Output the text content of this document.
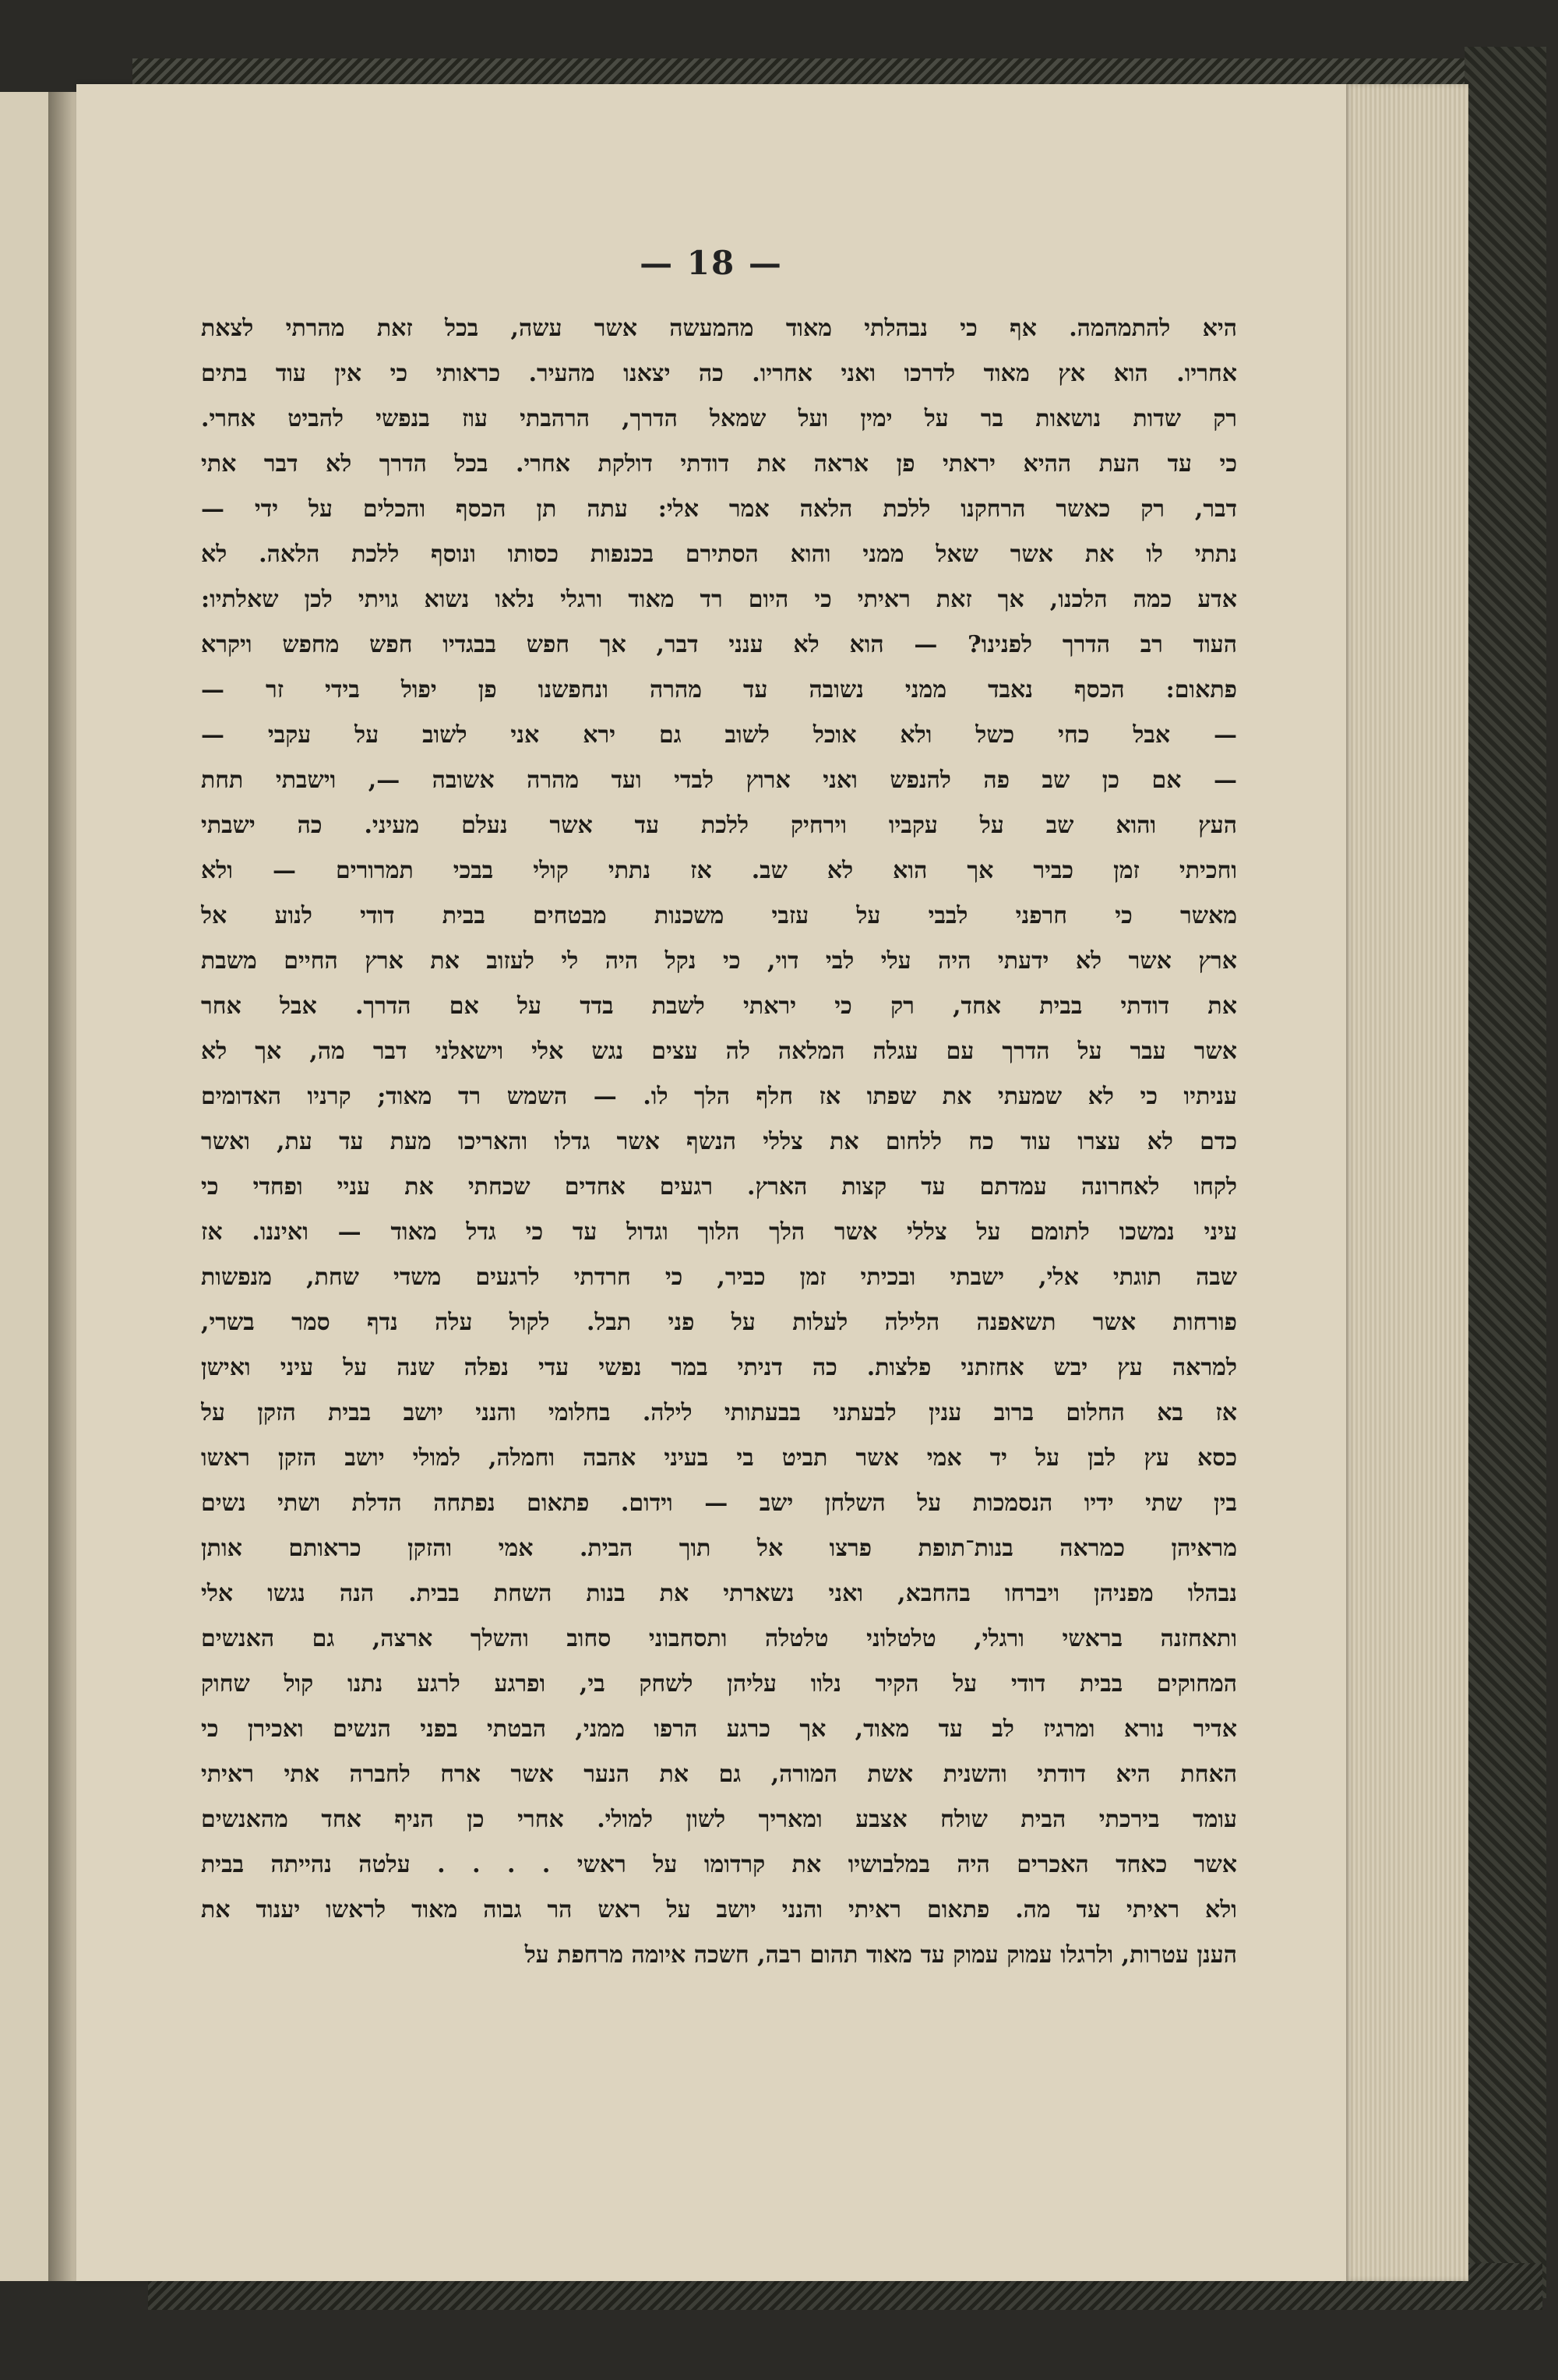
— 18 —
היא להתמהמה. אף כי נבהלתי מאוד מהמעשה אשר עשה, בכל זאת מהרתי לצאת
אחריו. הוא אץ מאוד לדרכו ואני אחריו. כה יצאנו מהעיר. כראותי כי אין עוד בתים
רק שדות נושאות בר על ימין ועל שמאל הדרך, הרהבתי עוז בנפשי להביט אחרי.
כי עד העת ההיא יראתי פן אראה את דודתי דולקת אחרי. בכל הדרך לא דבר אתי
דבר, רק כאשר הרחקנו ללכת הלאה אמר אלי: עתה תן הכסף והכלים על ידי —
נתתי לו את אשר שאל ממני והוא הסתירם בכנפות כסותו ונוסף ללכת הלאה. לא
אדע כמה הלכנו, אך זאת ראיתי כי היום רד מאוד ורגלי נלאו נשוא גויתי לכן שאלתיו:
העוד רב הדרך לפנינו? — הוא לא ענני דבר, אך חפש בבגדיו חפש מחפש ויקרא
פתאום: הכסף נאבד ממני נשובה עד מהרה ונחפשנו פן יפול בידי זר —
— אבל כחי כשל ולא אוכל לשוב גם ירא אני לשוב על עקבי —
— אם כן שב פה להנפש ואני ארוץ לבדי ועד מהרה אשובה —, וישבתי תחת
העץ והוא שב על עקביו וירחיק ללכת עד אשר נעלם מעיני. כה ישבתי
וחכיתי זמן כביר אך הוא לא שב. אז נתתי קולי בבכי תמרורים — ולא
מאשר כי חרפני לבבי על עזבי משכנות מבטחים בבית דודי לנוע אל
ארץ אשר לא ידעתי היה עלי לבי דוי, כי נקל היה לי לעזוב את ארץ החיים משבת
את דודתי בבית אחד, רק כי יראתי לשבת בדד על אם הדרך. אבל אחר
אשר עבר על הדרך עם עגלה המלאה לה עצים נגש אלי וישאלני דבר מה, אך לא
עניתיו כי לא שמעתי את שפתו אז חלף הלך לו. — השמש רד מאוד; קרניו האדומים
כדם לא עצרו עוד כח ללחום את צללי הנשף אשר גדלו והאריכו מעת עד עת, ואשר
לקחו לאחרונה עמדתם עד קצות הארץ. רגעים אחדים שכחתי את עניי ופחדי כי
עיני נמשכו לתומם על צללי אשר הלך הלוך וגדול עד כי גדל מאוד — ואיננו. אז
שבה תוגתי אלי, ישבתי ובכיתי זמן כביר, כי חרדתי לרגעים משדי שחת, מנפשות
פורחות אשר תשאפנה הלילה לעלות על פני תבל. לקול עלה נדף סמר בשרי,
למראה עץ יבש אחזתני פלצות. כה דניתי במר נפשי עדי נפלה שנה על עיני ואישן
אז בא החלום ברוב ענין לבעתני בבעתותי לילה. בחלומי והנני יושב בבית הזקן על
כסא עץ לבן על יד אמי אשר תביט בי בעיני אהבה וחמלה, למולי יושב הזקן ראשו
בין שתי ידיו הנסמכות על השלחן ישב — וידום. פתאום נפתחה הדלת ושתי נשים
מראיהן כמראה בנות־תופת פרצו אל תוך הבית. אמי והזקן כראותם אותן
נבהלו מפניהן ויברחו בהחבא, ואני נשארתי את בנות השחת בבית. הנה נגשו אלי
ותאחזנה בראשי ורגלי, טלטלוני טלטלה ותסחבוני סחוב והשלך ארצה, גם האנשים
המחוקים בבית דודי על הקיר נלוו עליהן לשחק בי, ופרגע לרגע נתנו קול שחוק
אדיר נורא ומרגיז לב עד מאוד, אך כרגע הרפו ממני, הבטתי בפני הנשים ואכירן כי
האחת היא דודתי והשנית אשת המורה, גם את הנער אשר ארח לחברה אתי ראיתי
עומד בירכתי הבית שולח אצבע ומאריך לשון למולי. אחרי כן הניף אחד מהאנשים
אשר כאחד האכרים היה במלבושיו את קרדומו על ראשי . . . . עלטה נהייתה בבית
ולא ראיתי עד מה. פתאום ראיתי והנני יושב על ראש הר גבוה מאוד לראשו יענוד את
הענן עטרות, ולרגלו עמוק עמוק עד מאוד תהום רבה, חשכה איומה מרחפת על
